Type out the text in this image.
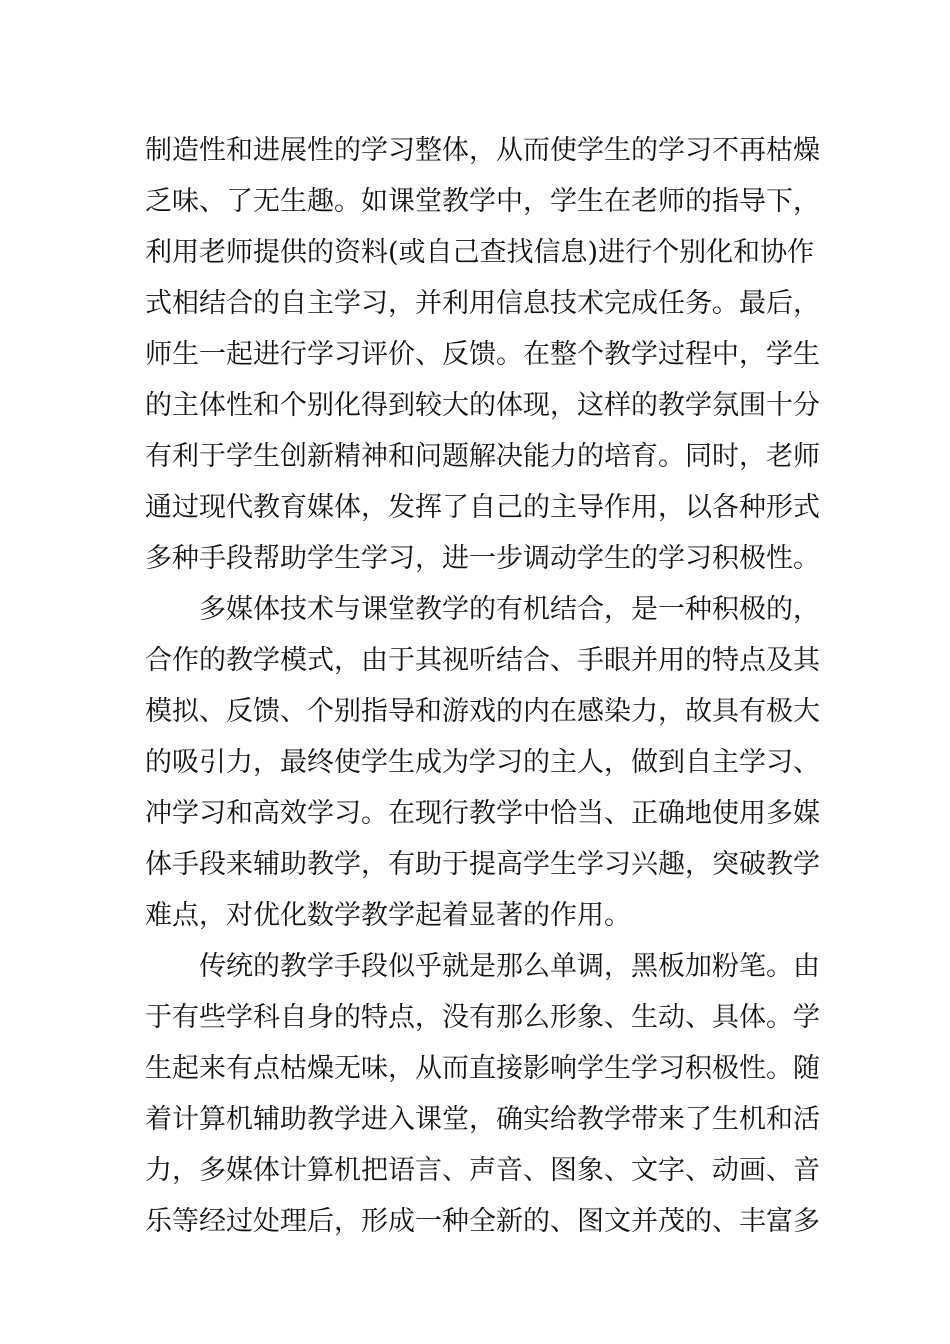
制造性和进展性的学习整体，从而使学生的学习不再枯燥
乏味、了无生趣。如课堂教学中，学生在老师的指导下，
利用老师提供的资料(或自己查找信息)进行个别化和协作
式相结合的自主学习，并利用信息技术完成任务。最后，
师生一起进行学习评价、反馈。在整个教学过程中，学生
的主体性和个别化得到较大的体现，这样的教学氛围十分
有利于学生创新精神和问题解决能力的培育。同时，老师
通过现代教育媒体，发挥了自己的主导作用，以各种形式
多种手段帮助学生学习，进一步调动学生的学习积极性。
多媒体技术与课堂教学的有机结合，是一种积极的，
合作的教学模式，由于其视听结合、手眼并用的特点及其
模拟、反馈、个别指导和游戏的内在感染力，故具有极大
的吸引力，最终使学生成为学习的主人，做到自主学习、
冲学习和高效学习。在现行教学中恰当、正确地使用多媒
体手段来辅助教学，有助于提高学生学习兴趣，突破教学
难点，对优化数学教学起着显著的作用。
传统的教学手段似乎就是那么单调，黑板加粉笔。由
于有些学科自身的特点，没有那么形象、生动、具体。学
生起来有点枯燥无味，从而直接影响学生学习积极性。随
着计算机辅助教学进入课堂，确实给教学带来了生机和活
力，多媒体计算机把语言、声音、图象、文字、动画、音
乐等经过处理后，形成一种全新的、图文并茂的、丰富多
